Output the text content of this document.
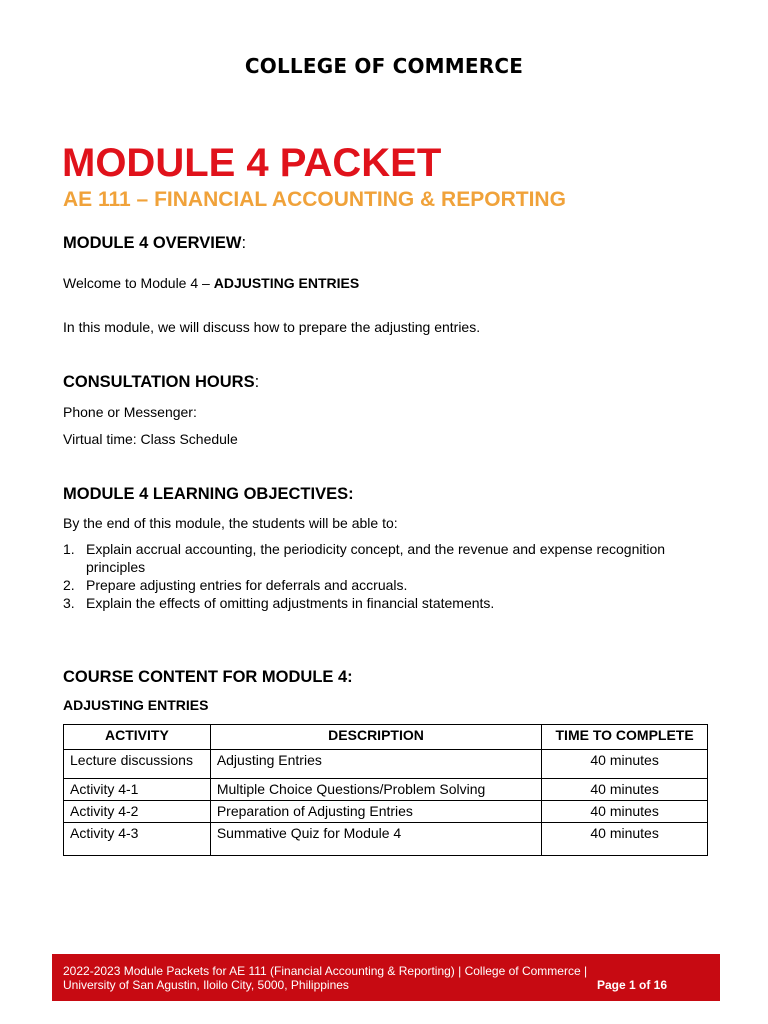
COLLEGE OF COMMERCE
MODULE 4 PACKET
AE 111 – FINANCIAL ACCOUNTING & REPORTING
MODULE 4 OVERVIEW:
Welcome to Module 4 – ADJUSTING ENTRIES
In this module, we will discuss how to prepare the adjusting entries.
CONSULTATION HOURS:
Phone or Messenger:
Virtual time: Class Schedule
MODULE 4 LEARNING OBJECTIVES:
By the end of this module, the students will be able to:
1. Explain accrual accounting, the periodicity concept, and the revenue and expense recognition principles
2. Prepare adjusting entries for deferrals and accruals.
3. Explain the effects of omitting adjustments in financial statements.
COURSE CONTENT FOR MODULE 4:
ADJUSTING ENTRIES
ACTIVITY	DESCRIPTION	TIME TO COMPLETE
Lecture discussions	Adjusting Entries	40 minutes
Activity 4-1	Multiple Choice Questions/Problem Solving	40 minutes
Activity 4-2	Preparation of Adjusting Entries	40 minutes
Activity 4-3	Summative Quiz for Module 4	40 minutes
2022-2023 Module Packets for AE 111 (Financial Accounting & Reporting) | College of Commerce |
University of San Agustin, Iloilo City, 5000, Philippines	Page 1 of 16
